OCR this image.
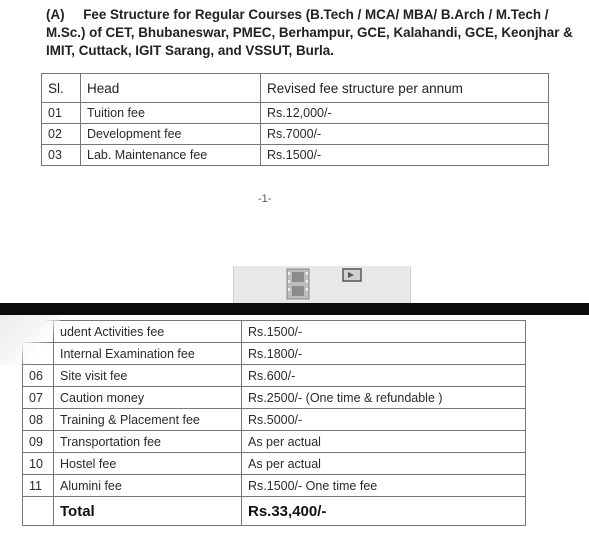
(A) Fee Structure for Regular Courses (B.Tech / MCA/ MBA/ B.Arch / M.Tech / M.Sc.) of CET, Bhubaneswar, PMEC, Berhampur, GCE, Kalahandi, GCE, Keonjhar & IMIT, Cuttack, IGIT Sarang, and VSSUT, Burla.
Sl.	Head	Revised fee structure per annum
01	Tuition fee	Rs.12,000/-
02	Development fee	Rs.7000/-
03	Lab. Maintenance fee	Rs.1500/-
-1-
	udent Activities fee	Rs.1500/-
	Internal Examination fee	Rs.1800/-
06	Site visit fee	Rs.600/-
07	Caution money	Rs.2500/- (One time & refundable )
08	Training & Placement fee	Rs.5000/-
09	Transportation fee	As per actual
10	Hostel fee	As per actual
11	Alumini fee	Rs.1500/- One time fee
	Total	Rs.33,400/-
